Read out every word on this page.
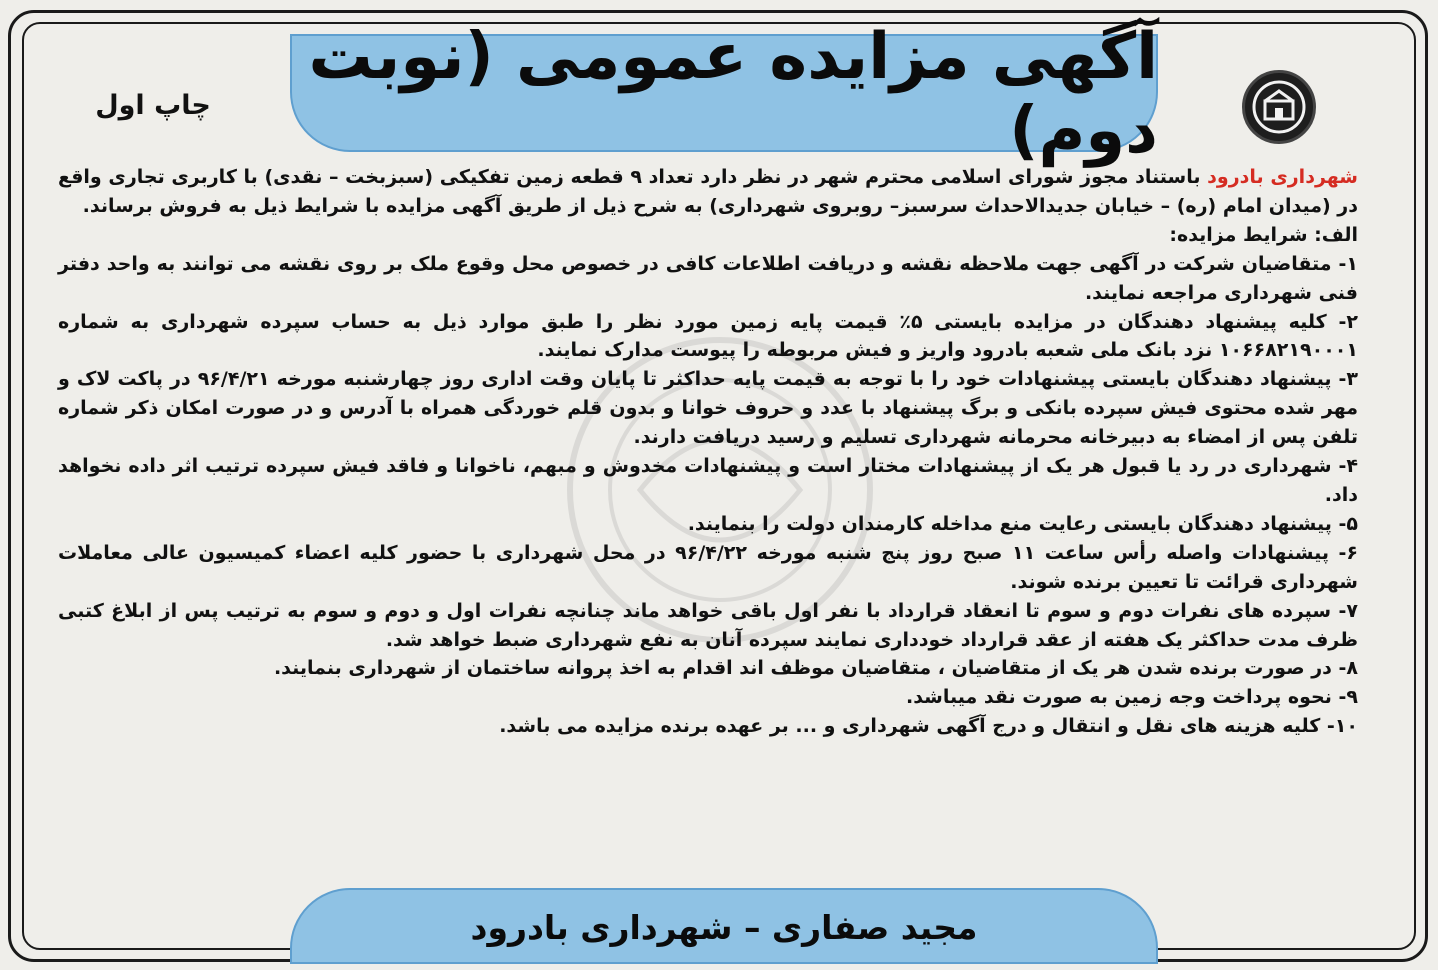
آگهی مزایده عمومی (نوبت دوم)
چاپ اول

شهرداری بادرود باستناد مجوز شورای اسلامی محترم شهر در نظر دارد تعداد ۹ قطعه زمین تفکیکی (سبزبخت – نقدی) با کاربری تجاری واقع در (میدان امام (ره) – خیابان جدیدالاحداث سرسبز– روبروی شهرداری) به شرح ذیل از طریق آگهی مزایده با شرایط ذیل به فروش برساند.

الف: شرایط مزایده:

۱- متقاضیان شرکت در آگهی جهت ملاحظه نقشه و دریافت اطلاعات کافی در خصوص محل وقوع ملک بر روی نقشه می توانند به واحد دفتر فنی شهرداری مراجعه نمایند.

۲- کلیه پیشنهاد دهندگان در مزایده بایستی ۵٪ قیمت پایه زمین مورد نظر را طبق موارد ذیل به حساب سپرده شهرداری به شماره ۱۰۶۶۸۲۱۹۰۰۰۱ نزد بانک ملی شعبه بادرود واریز و فیش مربوطه را پیوست مدارک نمایند.

۳- پیشنهاد دهندگان بایستی پیشنهادات خود را با توجه به قیمت پایه حداکثر تا پایان وقت اداری روز چهارشنبه مورخه ۹۶/۴/۲۱ در پاکت لاک و مهر شده محتوی فیش سپرده بانکی و برگ پیشنهاد با عدد و حروف خوانا و بدون قلم خوردگی همراه با آدرس و در صورت امکان ذکر شماره تلفن پس از امضاء به دبیرخانه محرمانه شهرداری تسلیم و رسید دریافت دارند.

۴- شهرداری در رد یا قبول هر یک از پیشنهادات مختار است و پیشنهادات مخدوش و مبهم، ناخوانا و فاقد فیش سپرده ترتیب اثر داده نخواهد داد.

۵- پیشنهاد دهندگان بایستی رعایت منع مداخله کارمندان دولت را بنمایند.

۶- پیشنهادات واصله رأس ساعت ۱۱ صبح روز پنج شنبه مورخه ۹۶/۴/۲۲ در محل شهرداری با حضور کلیه اعضاء کمیسیون عالی معاملات شهرداری قرائت تا تعیین برنده شوند.

۷- سپرده های نفرات دوم و سوم تا انعقاد قرارداد با نفر اول باقی خواهد ماند چنانچه نفرات اول و دوم و سوم به ترتیب پس از ابلاغ کتبی ظرف مدت حداکثر یک هفته از عقد قرارداد خودداری نمایند سپرده آنان به نفع شهرداری ضبط خواهد شد.

۸- در صورت برنده شدن هر یک از متقاضیان ، متقاضیان موظف اند اقدام به اخذ پروانه ساختمان از شهرداری بنمایند.

۹- نحوه پرداخت وجه زمین به صورت نقد میباشد.

۱۰- کلیه هزینه های نقل و انتقال و درج آگهی شهرداری و ... بر عهده برنده مزایده می باشد.

مجید صفاری – شهرداری بادرود
